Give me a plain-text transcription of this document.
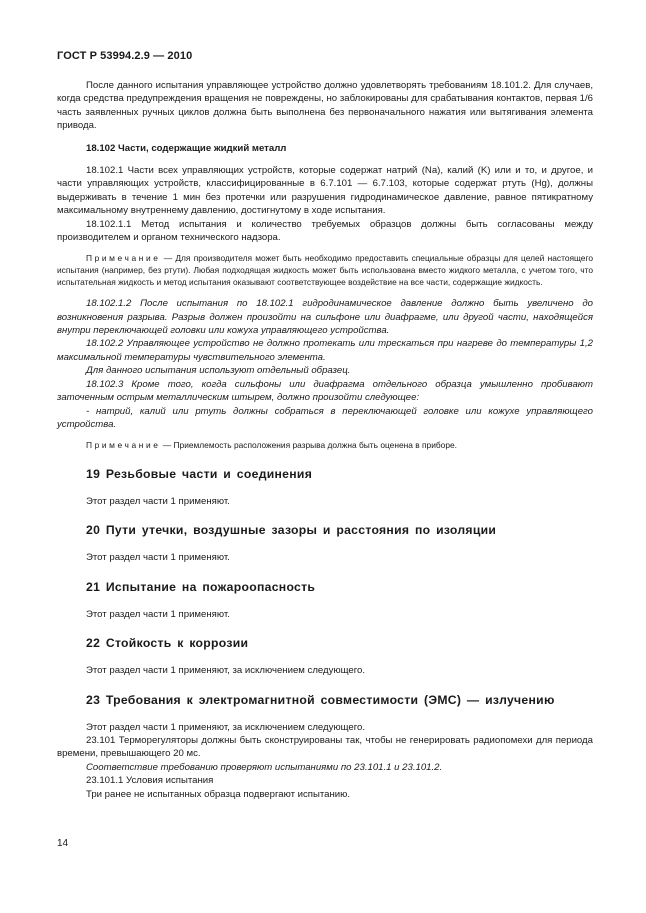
ГОСТ Р 53994.2.9 — 2010

После данного испытания управляющее устройство должно удовлетворять требованиям 18.101.2. Для случаев, когда средства предупреждения вращения не повреждены, но заблокированы для срабатывания контактов, первая 1/6 часть заявленных ручных циклов должна быть выполнена без первоначального нажатия или вытягивания элемента привода.

18.102 Части, содержащие жидкий металл

18.102.1 Части всех управляющих устройств, которые содержат натрий (Na), калий (K) или и то, и другое, и части управляющих устройств, классифицированные в 6.7.101 — 6.7.103, которые содержат ртуть (Hg), должны выдерживать в течение 1 мин без протечки или разрушения гидродинамическое давление, равное пятикратному максимальному внутреннему давлению, достигнутому в ходе испытания.

18.102.1.1 Метод испытания и количество требуемых образцов должны быть согласованы между производителем и органом технического надзора.

Примечание — Для производителя может быть необходимо предоставить специальные образцы для целей настоящего испытания (например, без ртути). Любая подходящая жидкость может быть использована вместо жидкого металла, с учетом того, что испытательная жидкость и метод испытания оказывают соответствующее воздействие на все части, содержащие жидкость.

18.102.1.2 После испытания по 18.102.1 гидродинамическое давление должно быть увеличено до возникновения разрыва. Разрыв должен произойти на сильфоне или диафрагме, или другой части, находящейся внутри переключающей головки или кожуха управляющего устройства.

18.102.2 Управляющее устройство не должно протекать или трескаться при нагреве до температуры 1,2 максимальной температуры чувствительного элемента.

Для данного испытания используют отдельный образец.

18.102.3 Кроме того, когда сильфоны или диафрагма отдельного образца умышленно пробивают заточенным острым металлическим штырем, должно произойти следующее:

- натрий, калий или ртуть должны собраться в переключающей головке или кожухе управляющего устройства.

Примечание — Приемлемость расположения разрыва должна быть оценена в приборе.

19 Резьбовые части и соединения

Этот раздел части 1 применяют.

20 Пути утечки, воздушные зазоры и расстояния по изоляции

Этот раздел части 1 применяют.

21 Испытание на пожароопасность

Этот раздел части 1 применяют.

22 Стойкость к коррозии

Этот раздел части 1 применяют, за исключением следующего.

23 Требования к электромагнитной совместимости (ЭМС) — излучению

Этот раздел части 1 применяют, за исключением следующего.

23.101 Терморегуляторы должны быть сконструированы так, чтобы не генерировать радиопомехи для периода времени, превышающего 20 мс.

Соответствие требованию проверяют испытаниями по 23.101.1 и 23.101.2.

23.101.1 Условия испытания

Три ранее не испытанных образца подвергают испытанию.

14
